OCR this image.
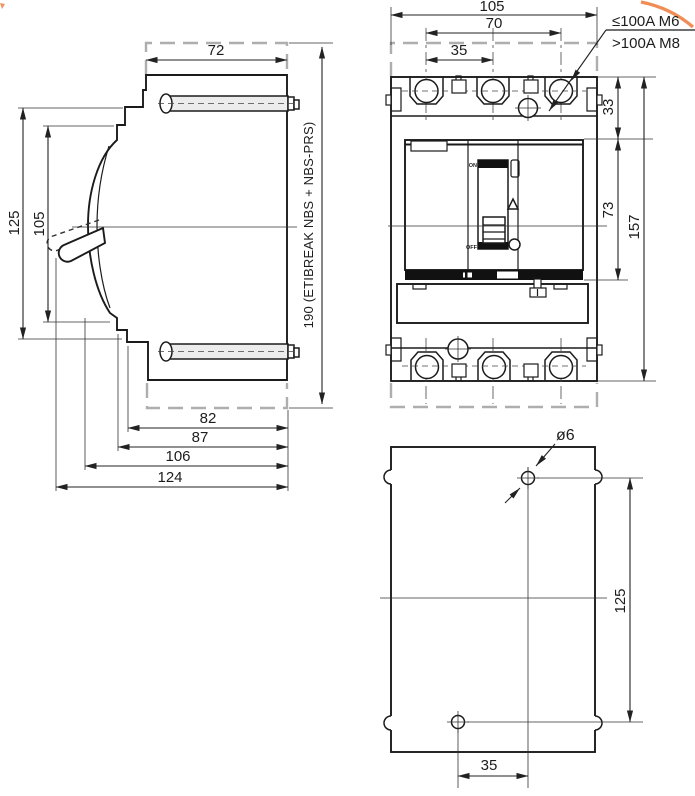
72
190 (ETIBREAK NBS + NBS-PRS)
125 105
82
87
106
124
ON
OFF
105
70
35
33
73
157
≤100A M6
>100A M8
ø6
125
35
